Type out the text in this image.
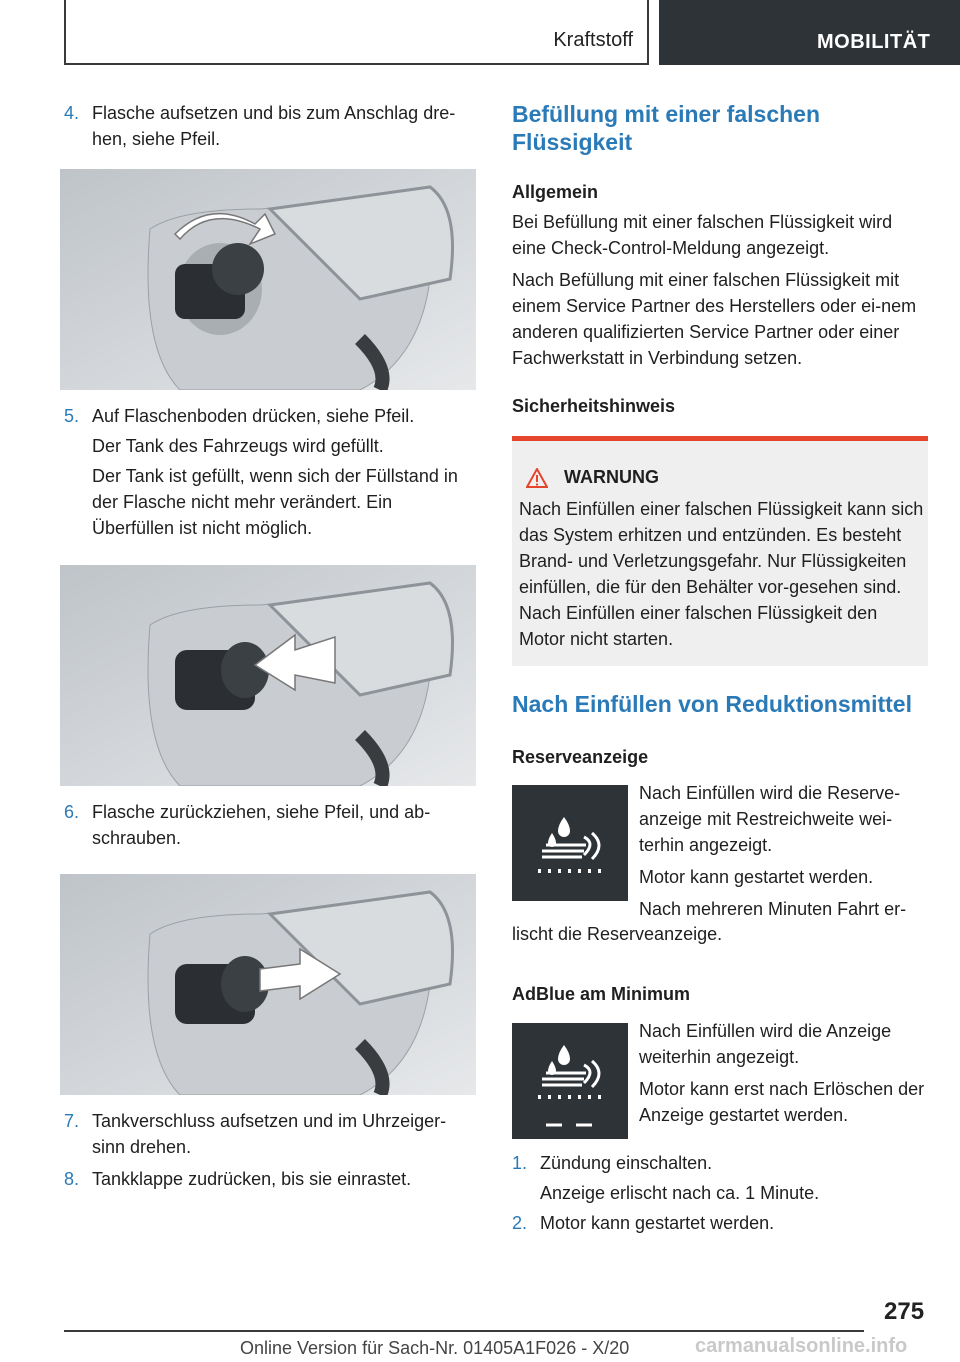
Kraftstoff	MOBILITÄT
4. Flasche aufsetzen und bis zum Anschlag dre-hen, siehe Pfeil.

5. Auf Flaschenboden drücken, siehe Pfeil.

Der Tank des Fahrzeugs wird gefüllt.

Der Tank ist gefüllt, wenn sich der Füllstand in der Flasche nicht mehr verändert. Ein Überfüllen ist nicht möglich.

6. Flasche zurückziehen, siehe Pfeil, und ab-schrauben.

7. Tankverschluss aufsetzen und im Uhrzeiger-sinn drehen.

8. Tankklappe zudrücken, bis sie einrastet.

Befüllung mit einer falschen Flüssigkeit
Allgemein

Bei Befüllung mit einer falschen Flüssigkeit wird eine Check-Control-Meldung angezeigt.

Nach Befüllung mit einer falschen Flüssigkeit mit einem Service Partner des Herstellers oder ei-nem anderen qualifizierten Service Partner oder einer Fachwerkstatt in Verbindung setzen.

Sicherheitshinweis
WARNUNG

Nach Einfüllen einer falschen Flüssigkeit kann sich das System erhitzen und entzünden. Es besteht Brand- und Verletzungsgefahr. Nur Flüssigkeiten einfüllen, die für den Behälter vor-gesehen sind. Nach Einfüllen einer falschen Flüssigkeit den Motor nicht starten.

Nach Einfüllen von Reduktionsmittel
Reserveanzeige

Nach Einfüllen wird die Reserve-anzeige mit Restreichweite wei-terhin angezeigt.

Motor kann gestartet werden.

Nach mehreren Minuten Fahrt er-

lischt die Reserveanzeige.

AdBlue am Minimum

Nach Einfüllen wird die Anzeige weiterhin angezeigt.

Motor kann erst nach Erlöschen der Anzeige gestartet werden.

1. Zündung einschalten.

Anzeige erlischt nach ca. 1 Minute.

2. Motor kann gestartet werden.

275
Online Version für Sach-Nr. 01405A1F026 - X/20	carmanualsonline.info
